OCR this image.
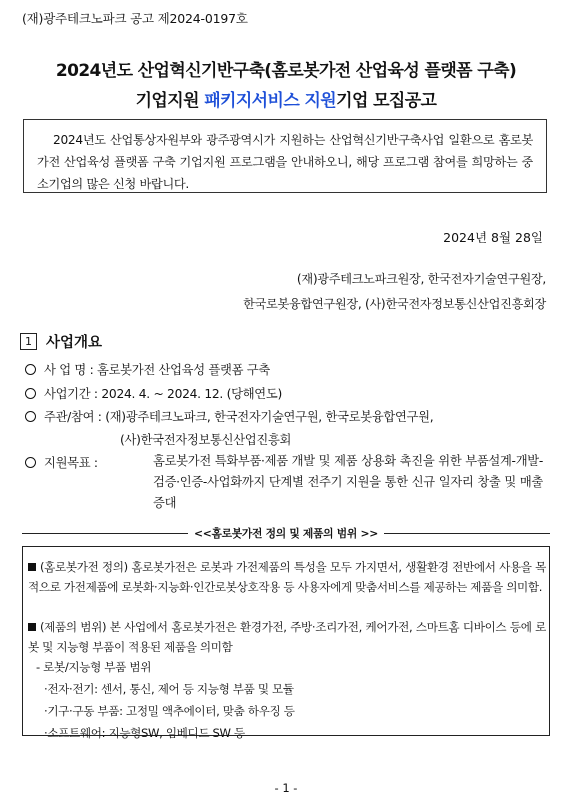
(재)광주테크노파크 공고 제2024-0197호
2024년도 산업혁신기반구축(홈로봇가전 산업육성 플랫폼 구축)
기업지원 패키지서비스 지원기업 모집공고

2024년도 산업통상자원부와 광주광역시가 지원하는 산업혁신기반구축사업 일환으로 홈로봇가전 산업육성 플랫폼 구축 기업지원 프로그램을 안내하오니, 해당 프로그램 참여를 희망하는 중소기업의 많은 신청 바랍니다.

2024년 8월 28일
(재)광주테크노파크원장, 한국전자기술연구원장,
한국로봇융합연구원장, (사)한국전자정보통신산업진흥회장
1 사업개요
사 업 명 : 홈로봇가전 산업육성 플랫폼 구축
사업기간 : 2024. 4. ~ 2024. 12. (당해연도)
주관/참여 : (재)광주테크노파크, 한국전자기술연구원, 한국로봇융합연구원,
(사)한국전자정보통신산업진흥회
지원목표 :	홈로봇가전 특화부품·제품 개발 및 제품 상용화 촉진을 위한 부품설계-개발-검증·인증-사업화까지 단계별 전주기 지원을 통한 신규 일자리 창출 및 매출 증대
<<홈로봇가전 정의 및 제품의 범위 >>
(홈로봇가전 정의) 홈로봇가전은 로봇과 가전제품의 특성을 모두 가지면서, 생활환경 전반에서 사용을 목적으로 가전제품에 로봇화·지능화·인간로봇상호작용 등 사용자에게 맞춤서비스를 제공하는 제품을 의미함.
(제품의 범위) 본 사업에서 홈로봇가전은 환경가전, 주방·조리가전, 케어가전, 스마트홈 디바이스 등에 로봇 및 지능형 부품이 적용된 제품을 의미함
- 로봇/지능형 부품 범위
·전자·전기: 센서, 통신, 제어 등 지능형 부품 및 모듈
·기구·구동 부품: 고정밀 액추에이터, 맞춤 하우징 등
·소프트웨어: 지능형SW, 임베디드 SW 등
- 1 -
